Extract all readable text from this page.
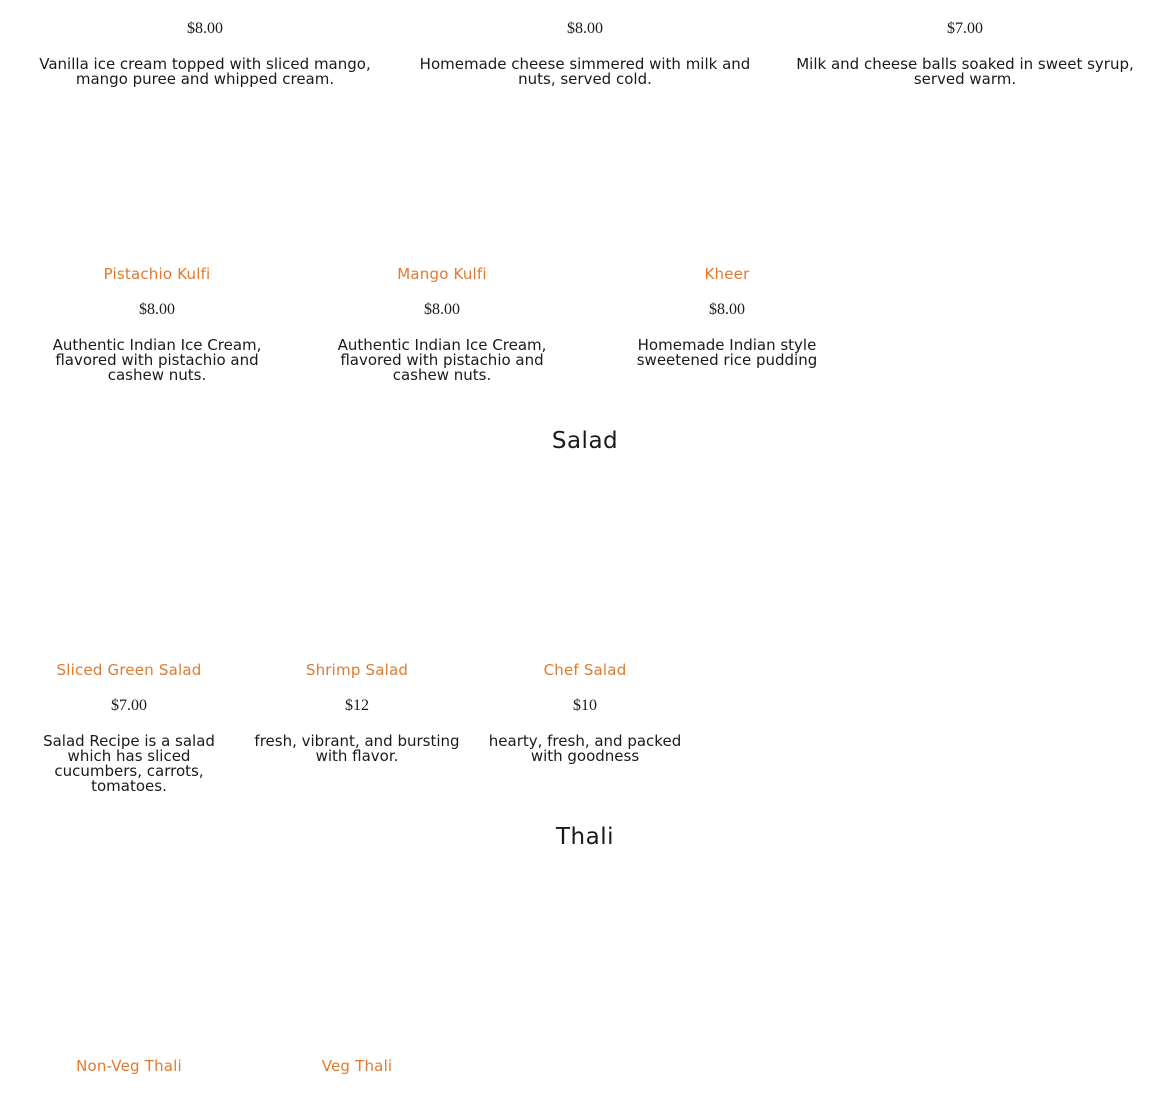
$8.00
Vanilla ice cream topped with sliced mango, mango puree and whipped cream.
$8.00
Homemade cheese simmered with milk and nuts, served cold.
$7.00
Milk and cheese balls soaked in sweet syrup, served warm.
Pistachio Kulfi
$8.00
Authentic Indian Ice Cream, flavored with pistachio and cashew nuts.
Mango Kulfi
$8.00
Authentic Indian Ice Cream, flavored with pistachio and cashew nuts.
Kheer
$8.00
Homemade Indian style sweetened rice pudding
Salad
Sliced Green Salad
$7.00
Salad Recipe is a salad which has sliced cucumbers, carrots, tomatoes.
Shrimp Salad
$12
fresh, vibrant, and bursting with flavor.
Chef Salad
$10
hearty, fresh, and packed with goodness
Thali
Non-Veg Thali	Veg Thali
